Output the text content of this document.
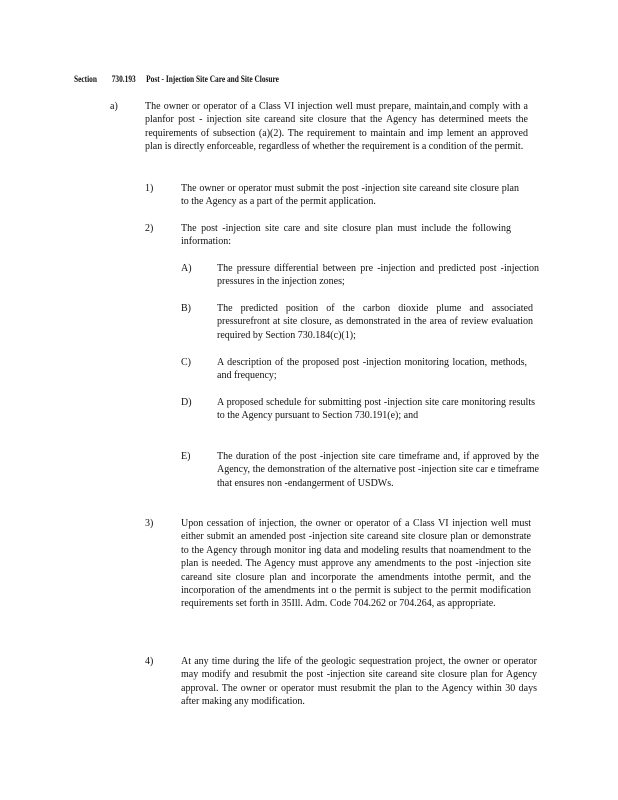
Section 730.193 Post - Injection Site Care and Site Closure
a)	The owner or operator of a Class VI injection well must prepare, maintain,and comply with a planfor post - injection site careand site closure that the Agency has determined meets the requirements of subsection (a)(2). The requirement to maintain and imp lement an approved plan is directly enforceable, regardless of whether the requirement is a condition of the permit.
1)	The owner or operator must submit the post -injection site careand site closure plan to the Agency as a part of the permit application.
2)	The post -injection site care and site closure plan must include the following information:
A)	The pressure differential between pre -injection and predicted post -injection pressures in the injection zones;
B)	The predicted position of the carbon dioxide plume and associated pressurefront at site closure, as demonstrated in the area of review evaluation required by Section 730.184(c)(1);
C)	A description of the proposed post -injection monitoring location, methods, and frequency;
D)	A proposed schedule for submitting post -injection site care monitoring results to the Agency pursuant to Section 730.191(e); and
E)	The duration of the post -injection site care timeframe and, if approved by the Agency, the demonstration of the alternative post -injection site car e timeframe that ensures non -endangerment of USDWs.
3)	Upon cessation of injection, the owner or operator of a Class VI injection well must either submit an amended post -injection site careand site closure plan or demonstrate to the Agency through monitor ing data and modeling results that noamendment to the plan is needed. The Agency must approve any amendments to the post -injection site careand site closure plan and incorporate the amendments intothe permit, and the incorporation of the amendments int o the permit is subject to the permit modification requirements set forth in 35Ill. Adm. Code 704.262 or 704.264, as appropriate.
4)	At any time during the life of the geologic sequestration project, the owner or operator may modify and resubmit the post -injection site careand site closure plan for Agency approval. The owner or operator must resubmit the plan to the Agency within 30 days after making any modification.
